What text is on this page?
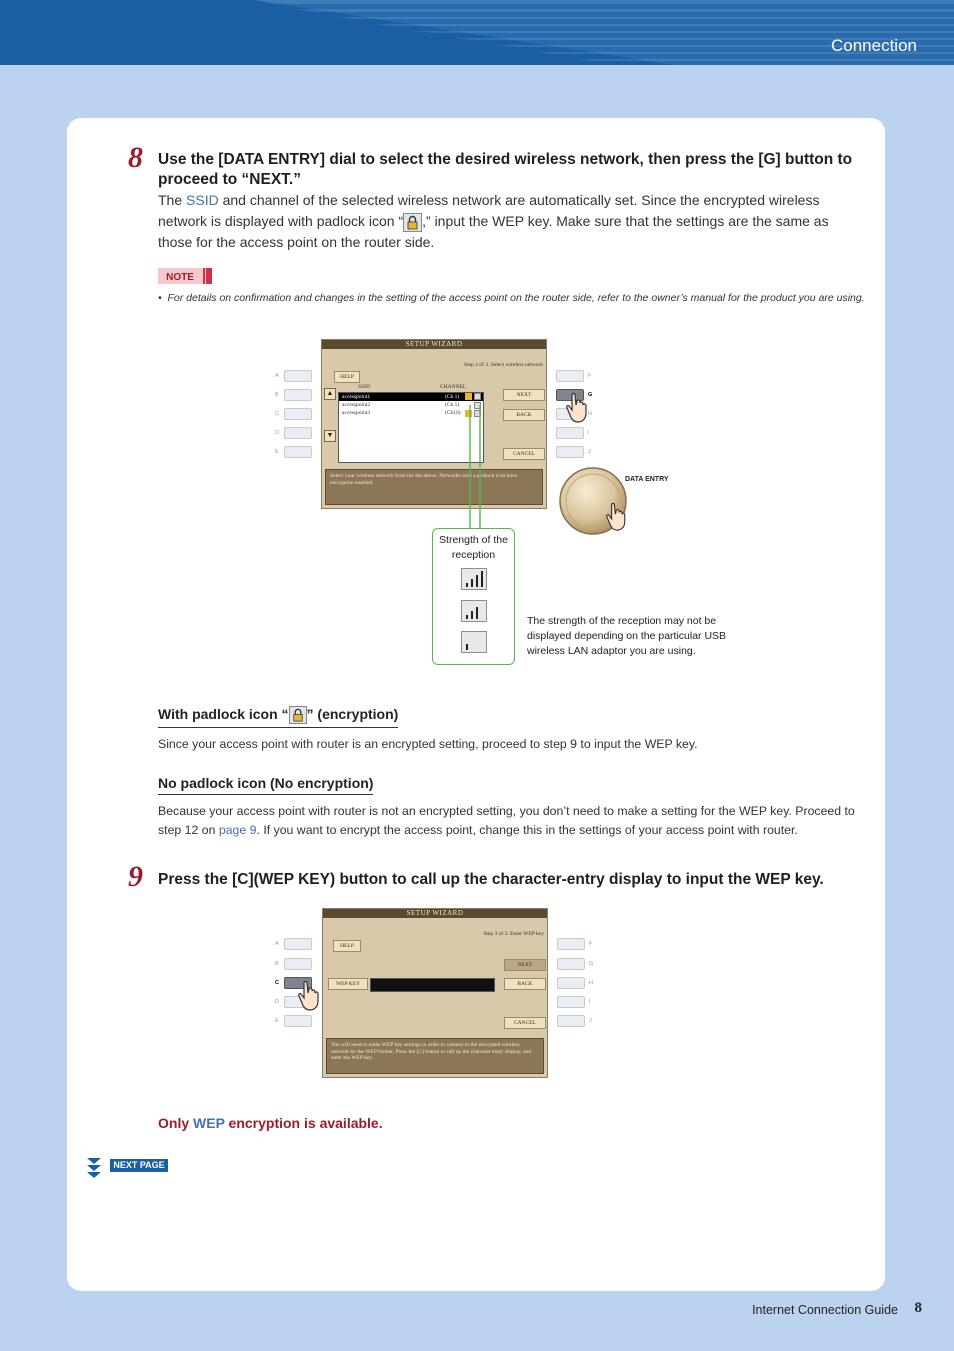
Connection
8 Use the [DATA ENTRY] dial to select the desired wireless network, then press the [G] button to proceed to “NEXT.”
The SSID and channel of the selected wireless network are automatically set. Since the encrypted wireless network is displayed with padlock icon “ ,” input the WEP key. Make sure that the settings are the same as those for the access point on the router side.
NOTE
•  For details on confirmation and changes in the setting of the access point on the router side, refer to the owner’s manual for the product you are using.
SETUP WIZARD
Step 2 of 3. Select wireless network
HELP
▲
▼
SSID	CHANNEL
accesspoint1	(Ch 1)
accesspoint2	(Ch 5)
accesspoint3	(Ch10)
NEXT
BACK
CANCEL
Select your wireless network from the list above. Networks with a padlock icon have encryption enabled.
A
B
C
D
E
F
G
H
I
J
DATA ENTRY
Strength of the reception
The strength of the reception may not be displayed depending on the particular USB wireless LAN adaptor you are using.
With padlock icon “ ” (encryption)
Since your access point with router is an encrypted setting, proceed to step 9 to input the WEP key.
No padlock icon (No encryption)
Because your access point with router is not an encrypted setting, you don’t need to make a setting for the WEP key. Proceed to step 12 on page 9. If you want to encrypt the access point, change this in the settings of your access point with router.
9 Press the [C](WEP KEY) button to call up the character-entry display to input the WEP key.
SETUP WIZARD
Step 3 of 3. Enter WEP key
HELP
NEXT
WEP KEY	BACK
CANCEL
You will need to make WEP key settings in order to connect to the encrypted wireless network by the WEP format. Press the [C] button to call up the character entry display, and enter the WEP key.
A
B
C
D
E
F
G
H
I
J
Only WEP encryption is available.
NEXT PAGE
Internet Connection Guide 8
